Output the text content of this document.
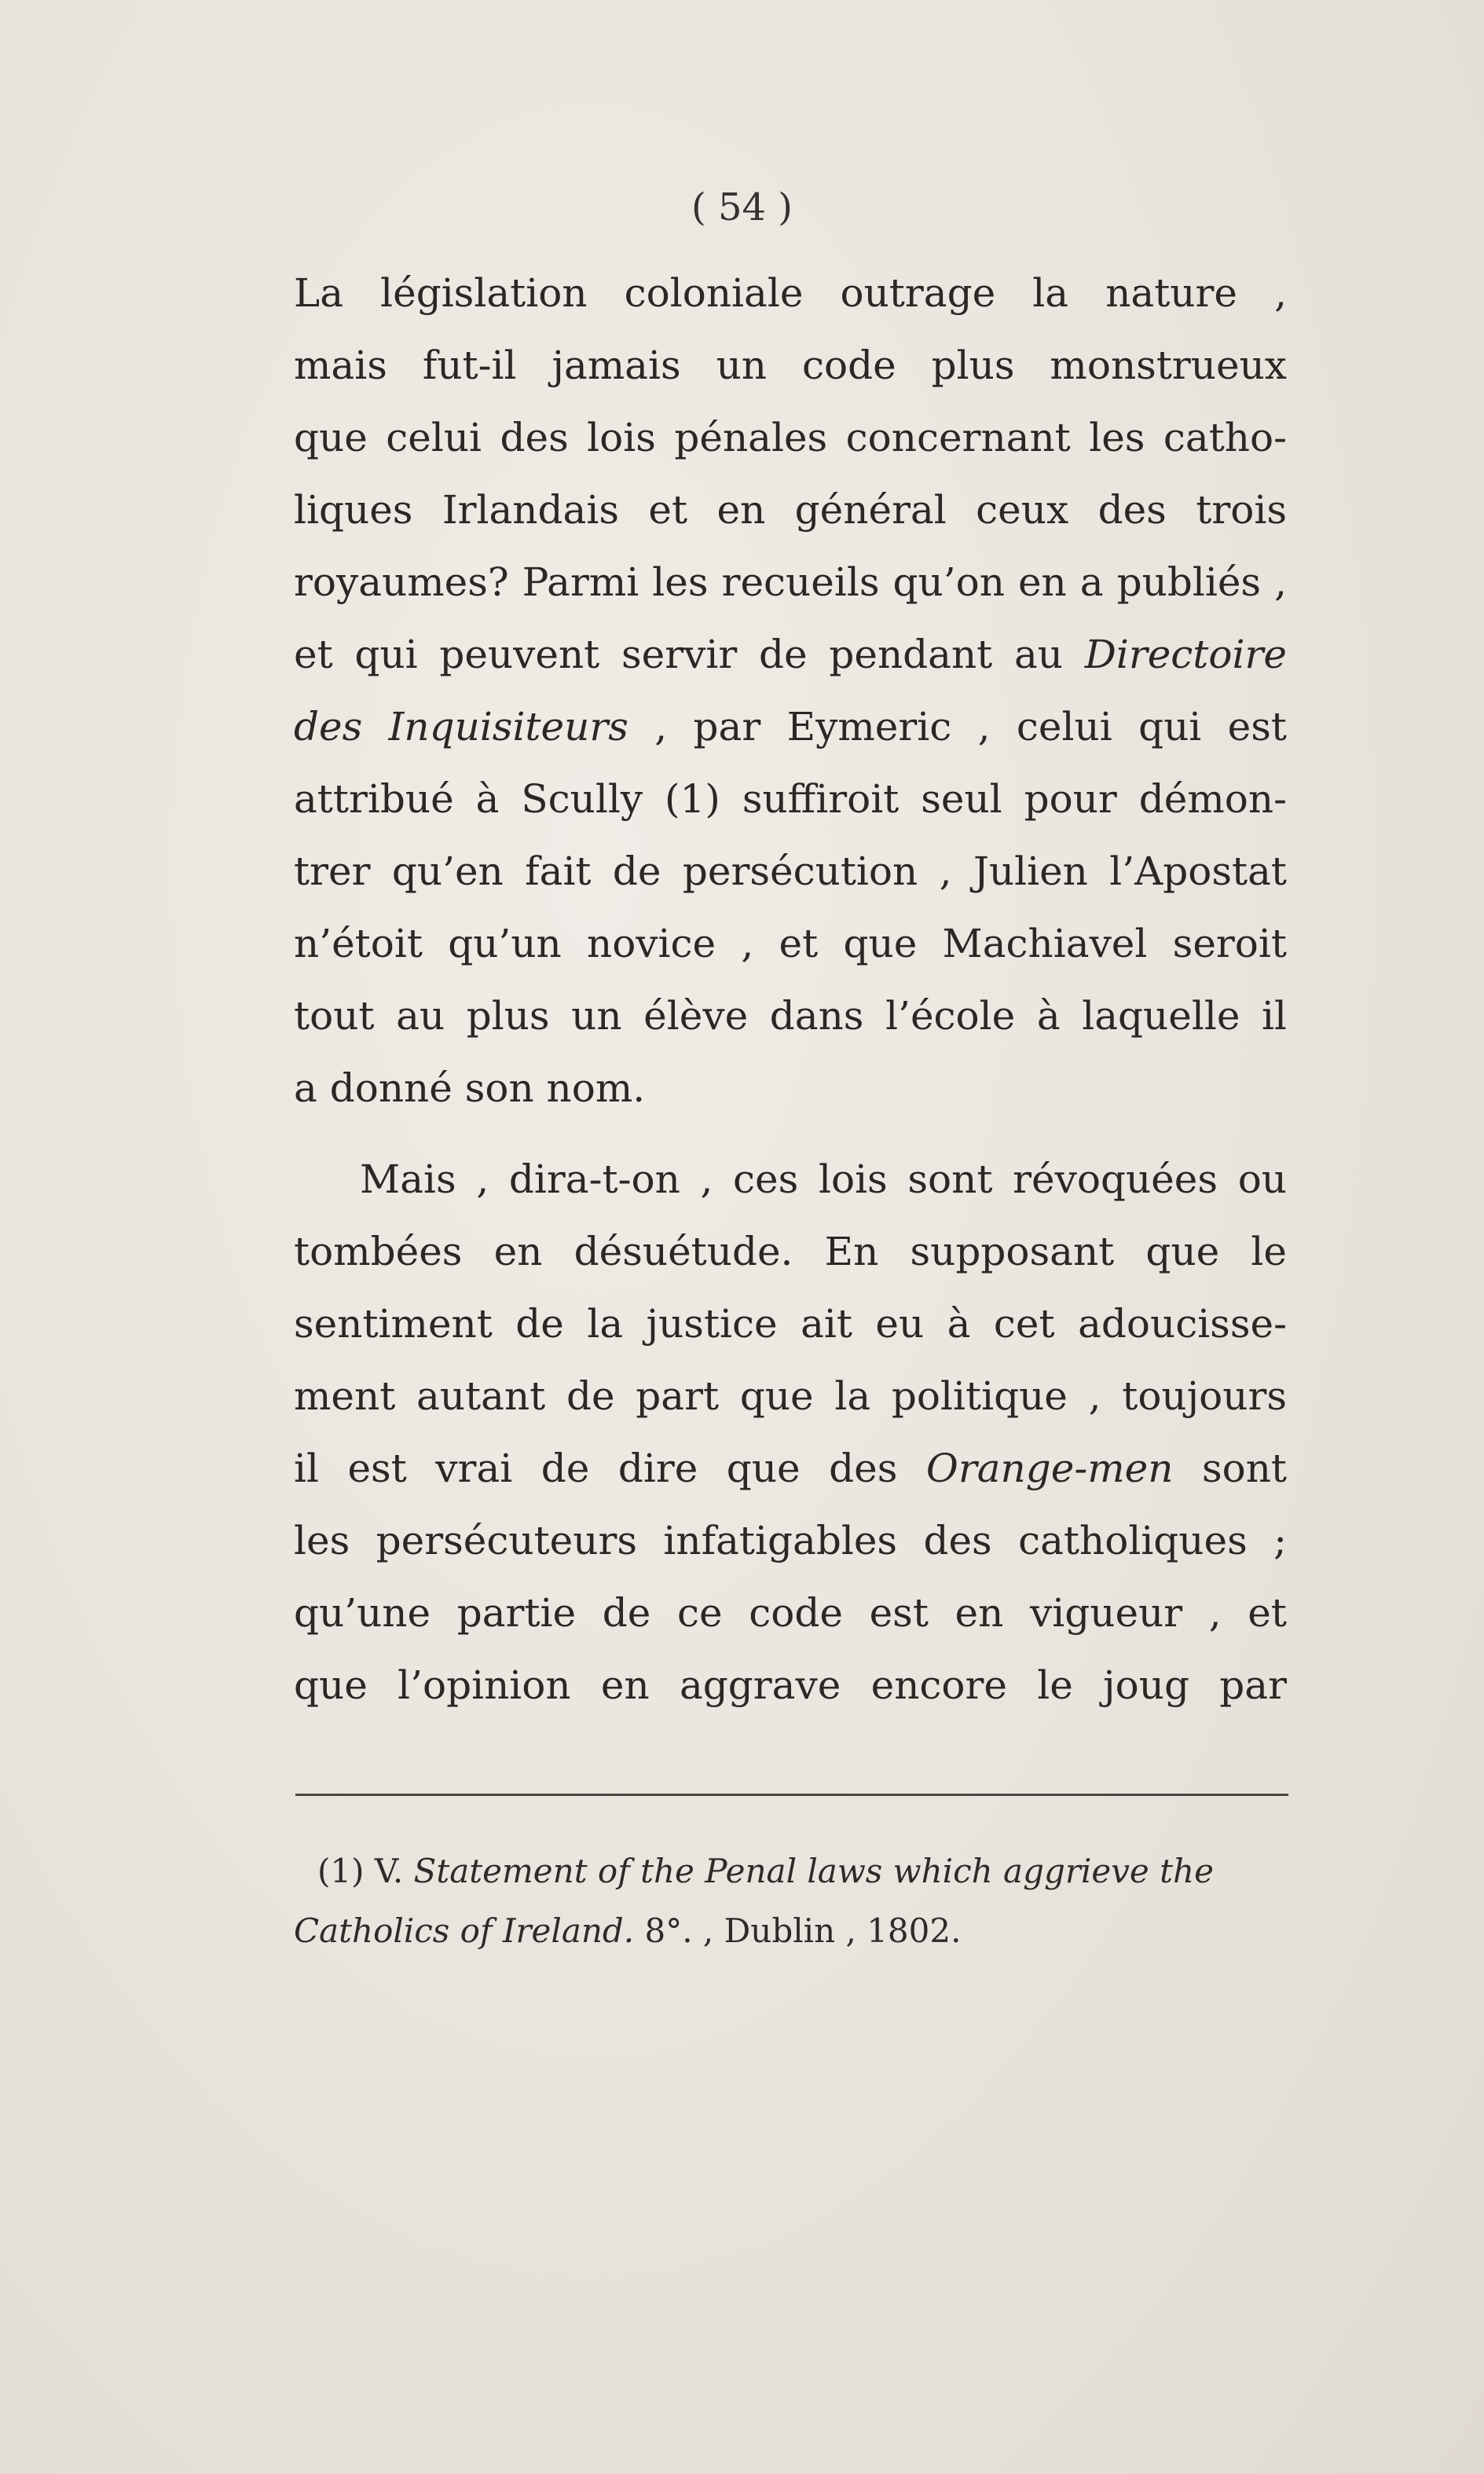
( 54 )
La législation coloniale outrage la nature ,
mais fut-il jamais un code plus monstrueux
que celui des lois pénales concernant les catho-
liques Irlandais et en général ceux des trois
royaumes? Parmi les recueils qu’on en a publiés ,
et qui peuvent servir de pendant au Directoire
des Inquisiteurs , par Eymeric , celui qui est
attribué à Scully (1) suffiroit seul pour démon-
trer qu’en fait de persécution , Julien l’Apostat
n’étoit qu’un novice , et que Machiavel seroit
tout au plus un élève dans l’école à laquelle il
a donné son nom.
Mais , dira-t-on , ces lois sont révoquées ou
tombées en désuétude. En supposant que le
sentiment de la justice ait eu à cet adoucisse-
ment autant de part que la politique , toujours
il est vrai de dire que des Orange-men sont
les persécuteurs infatigables des catholiques ;
qu’une partie de ce code est en vigueur , et
que l’opinion en aggrave encore le joug par
(1) V. Statement of the Penal laws which aggrieve the
Catholics of Ireland. 8°. , Dublin , 1802.
